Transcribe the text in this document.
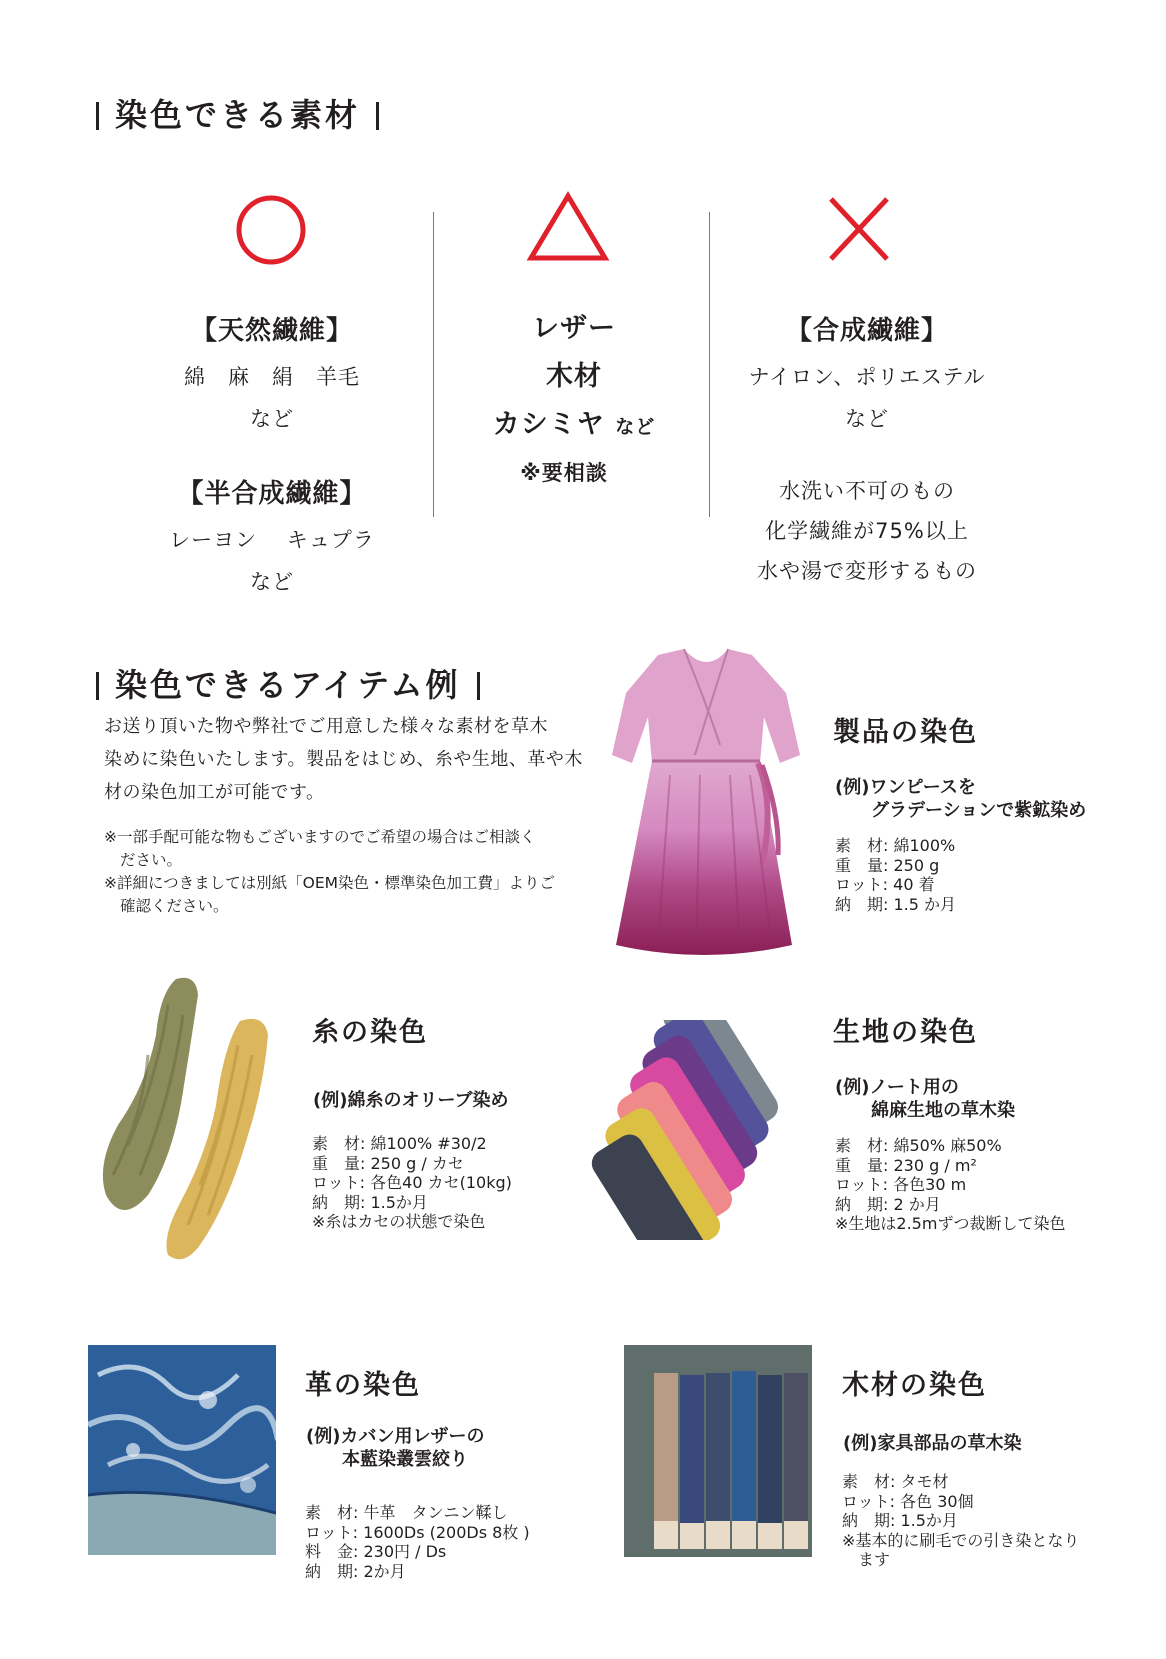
染色できる素材
【天然繊維】
綿　麻　絹　羊毛
など
【半合成繊維】
レーヨン　 キュプラ
など
レザー
木材
カシミヤ など
※要相談
【合成繊維】
ナイロン、ポリエステル
など
水洗い不可のもの
化学繊維が75%以上
水や湯で変形するもの
染色できるアイテム例
お送り頂いた物や弊社でご用意した様々な素材を草木
染めに染色いたします。製品をはじめ、糸や生地、革や木
材の染色加工が可能です。

※一部手配可能な物もございますのでご希望の場合はご相談く

ださい。

※詳細につきましては別紙「OEM染色・標準染色加工費」よりご

確認ください。

製品の染色
(例)ワンピースを
グラデーションで紫鉱染め
素　材: 綿100%
重　量: 250 g
ロット: 40 着
納　期: 1.5 か月
糸の染色
(例)綿糸のオリーブ染め
素　材: 綿100% #30/2
重　量: 250 g / カセ
ロット: 各色40 カセ(10kg)
納　期: 1.5か月
※糸はカセの状態で染色
生地の染色
(例)ノート用の
綿麻生地の草木染
素　材: 綿50% 麻50%
重　量: 230 g / m²
ロット: 各色30 m
納　期: 2 か月
※生地は2.5mずつ裁断して染色
革の染色
(例)カバン用レザーの
本藍染叢雲絞り
素　材: 牛革　タンニン鞣し
ロット: 1600Ds (200Ds 8枚 )
料　金: 230円 / Ds
納　期: 2か月
木材の染色
(例)家具部品の草木染
素　材: タモ材
ロット: 各色 30個
納　期: 1.5か月
※基本的に刷毛での引き染となり
ます
